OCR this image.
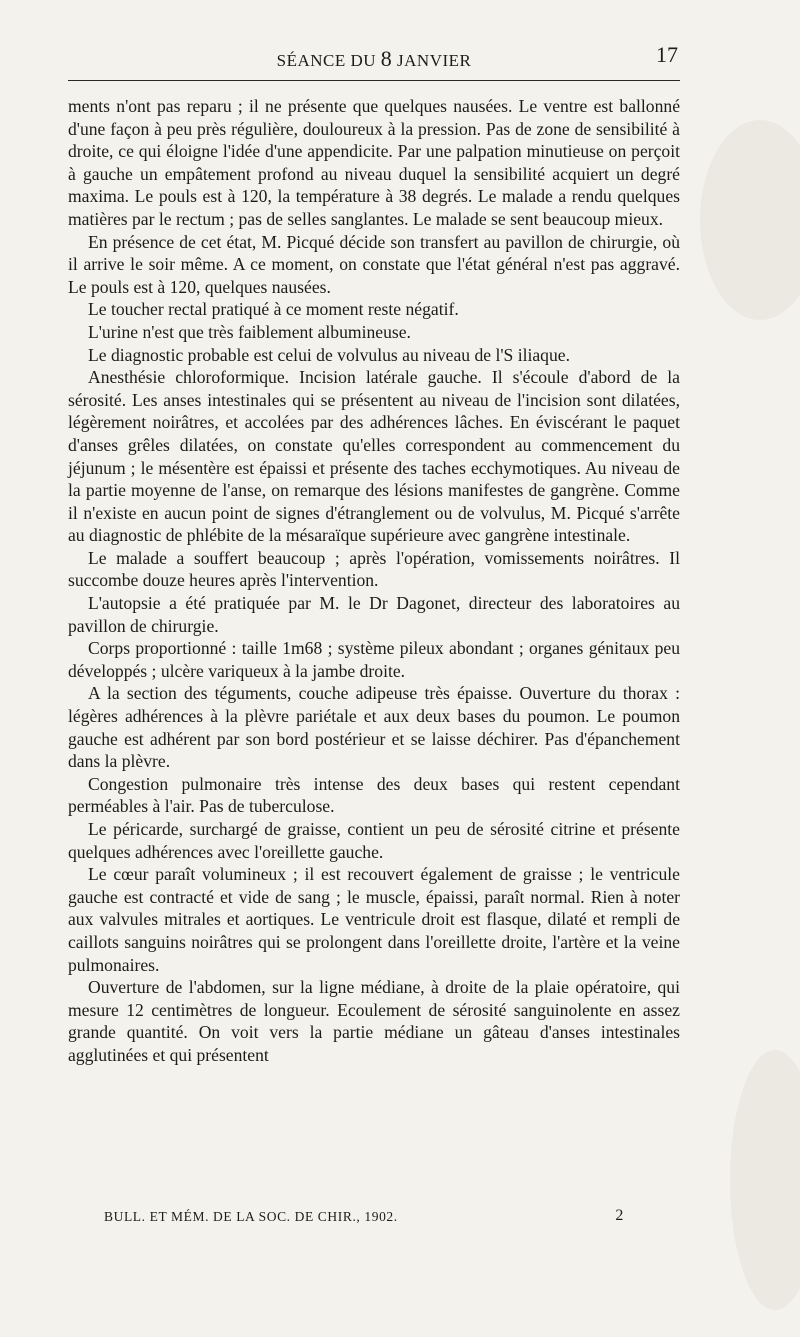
SÉANCE DU 8 JANVIER	17

ments n'ont pas reparu ; il ne présente que quelques nausées. Le ventre est ballonné d'une façon à peu près régulière, douloureux à la pression. Pas de zone de sensibilité à droite, ce qui éloigne l'idée d'une appendicite. Par une palpation minutieuse on perçoit à gauche un empâtement profond au niveau duquel la sensibilité acquiert un degré maxima. Le pouls est à 120, la température à 38 degrés. Le malade a rendu quelques matières par le rectum ; pas de selles sanglantes. Le malade se sent beaucoup mieux.

En présence de cet état, M. Picqué décide son transfert au pavillon de chirurgie, où il arrive le soir même. A ce moment, on constate que l'état général n'est pas aggravé. Le pouls est à 120, quelques nausées.

Le toucher rectal pratiqué à ce moment reste négatif.

L'urine n'est que très faiblement albumineuse.

Le diagnostic probable est celui de volvulus au niveau de l'S iliaque.

Anesthésie chloroformique. Incision latérale gauche. Il s'écoule d'abord de la sérosité. Les anses intestinales qui se présentent au niveau de l'incision sont dilatées, légèrement noirâtres, et accolées par des adhérences lâches. En éviscérant le paquet d'anses grêles dilatées, on constate qu'elles correspondent au commencement du jéjunum ; le mésentère est épaissi et présente des taches ecchymotiques. Au niveau de la partie moyenne de l'anse, on remarque des lésions manifestes de gangrène. Comme il n'existe en aucun point de signes d'étranglement ou de volvulus, M. Picqué s'arrête au diagnostic de phlébite de la mésaraïque supérieure avec gangrène intestinale.

Le malade a souffert beaucoup ; après l'opération, vomissements noirâtres. Il succombe douze heures après l'intervention.

L'autopsie a été pratiquée par M. le Dr Dagonet, directeur des laboratoires au pavillon de chirurgie.

Corps proportionné : taille 1m68 ; système pileux abondant ; organes génitaux peu développés ; ulcère variqueux à la jambe droite.

A la section des téguments, couche adipeuse très épaisse. Ouverture du thorax : légères adhérences à la plèvre pariétale et aux deux bases du poumon. Le poumon gauche est adhérent par son bord postérieur et se laisse déchirer. Pas d'épanchement dans la plèvre.

Congestion pulmonaire très intense des deux bases qui restent cependant perméables à l'air. Pas de tuberculose.

Le péricarde, surchargé de graisse, contient un peu de sérosité citrine et présente quelques adhérences avec l'oreillette gauche.

Le cœur paraît volumineux ; il est recouvert également de graisse ; le ventricule gauche est contracté et vide de sang ; le muscle, épaissi, paraît normal. Rien à noter aux valvules mitrales et aortiques. Le ventricule droit est flasque, dilaté et rempli de caillots sanguins noirâtres qui se prolongent dans l'oreillette droite, l'artère et la veine pulmonaires.

Ouverture de l'abdomen, sur la ligne médiane, à droite de la plaie opératoire, qui mesure 12 centimètres de longueur. Ecoulement de sérosité sanguinolente en assez grande quantité. On voit vers la partie médiane un gâteau d'anses intestinales agglutinées et qui présentent

BULL. ET MÉM. DE LA SOC. DE CHIR., 1902.	2
